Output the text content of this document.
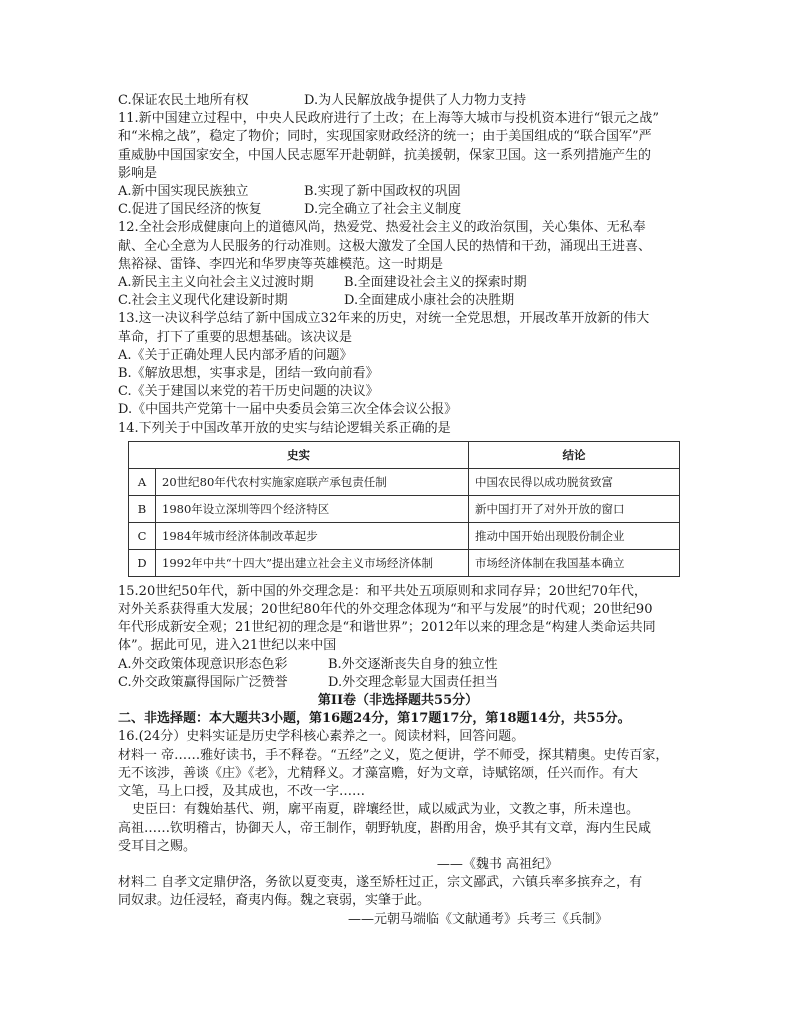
C.保证农民土地所有权	D.为人民解放战争提供了人力物力支持
11.新中国建立过程中，中央人民政府进行了土改；在上海等大城市与投机资本进行“银元之战”
和“米棉之战”，稳定了物价；同时，实现国家财政经济的统一；由于美国组成的“联合国军”严
重威胁中国国家安全，中国人民志愿军开赴朝鲜，抗美援朝，保家卫国。这一系列措施产生的
影响是
A.新中国实现民族独立	B.实现了新中国政权的巩固
C.促进了国民经济的恢复	D.完全确立了社会主义制度
12.全社会形成健康向上的道德风尚，热爱党、热爱社会主义的政治氛围，关心集体、无私奉
献、全心全意为人民服务的行动准则。这极大激发了全国人民的热情和干劲，涌现出王进喜、
焦裕禄、雷锋、李四光和华罗庚等英雄模范。这一时期是
A.新民主主义向社会主义过渡时期	B.全面建设社会主义的探索时期
C.社会主义现代化建设新时期	D.全面建成小康社会的决胜期
13.这一决议科学总结了新中国成立32年来的历史，对统一全党思想，开展改革开放新的伟大
革命，打下了重要的思想基础。该决议是
A.《关于正确处理人民内部矛盾的问题》
B.《解放思想，实事求是，团结一致向前看》
C.《关于建国以来党的若干历史问题的决议》
D.《中国共产党第十一届中央委员会第三次全体会议公报》
14.下列关于中国改革开放的史实与结论逻辑关系正确的是
史实		结论
A	20世纪80年代农村实施家庭联产承包责任制	中国农民得以成功脱贫致富
B	1980年设立深圳等四个经济特区	新中国打开了对外开放的窗口
C	1984年城市经济体制改革起步	推动中国开始出现股份制企业
D	1992年中共“十四大”提出建立社会主义市场经济体制	市场经济体制在我国基本确立
15.20世纪50年代，新中国的外交理念是：和平共处五项原则和求同存异；20世纪70年代，
对外关系获得重大发展；20世纪80年代的外交理念体现为“和平与发展”的时代观；20世纪90
年代形成新安全观；21世纪初的理念是“和谐世界”；2012年以来的理念是“构建人类命运共同
体”。据此可见，进入21世纪以来中国
A.外交政策体现意识形态色彩	B.外交逐渐丧失自身的独立性
C.外交政策赢得国际广泛赞誉	D.外交理念彰显大国责任担当
第II卷（非选择题共55分）
二、非选择题：本大题共3小题，第16题24分，第17题17分，第18题14分，共55分。
16.(24分）史料实证是历史学科核心素养之一。阅读材料，回答问题。
材料一 帝……雅好读书，手不释卷。“五经”之义，览之便讲，学不师受，探其精奥。史传百家，
无不该涉，善谈《庄》《老》，尤精释义。才藻富赡，好为文章，诗赋铭颂，任兴而作。有大
文笔，马上口授，及其成也，不改一字……
史臣曰：有魏始基代、朔，廓平南夏，辟壤经世，咸以威武为业，文教之事，所未遑也。
高祖……钦明稽古，协御天人，帝王制作，朝野轨度，斟酌用舍，焕乎其有文章，海内生民咸
受耳目之赐。
——《魏书 高祖纪》
材料二 自孝文定鼎伊洛，务欲以夏变夷，遂至矫枉过正，宗文鄙武，六镇兵率多摈弃之，有
同奴隶。边任浸轻，裔夷内侮。魏之衰弱，实肇于此。
——元朝马端临《文献通考》兵考三《兵制》
